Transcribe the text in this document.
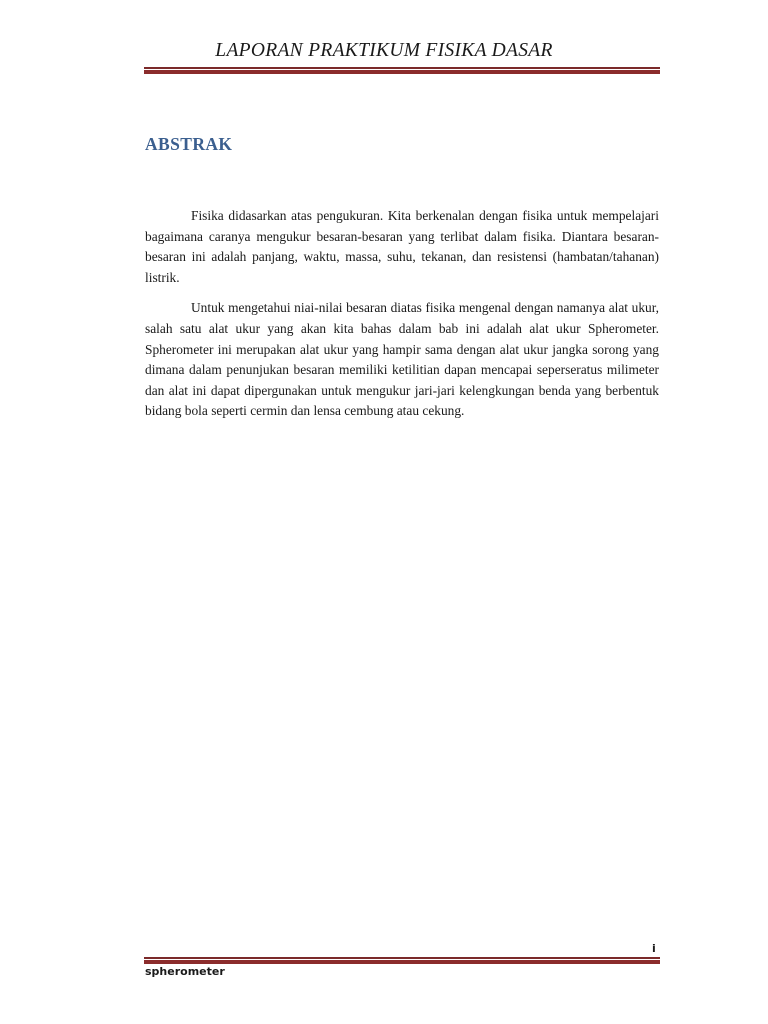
LAPORAN PRAKTIKUM FISIKA DASAR
ABSTRAK

Fisika didasarkan atas pengukuran. Kita berkenalan dengan fisika untuk mempelajari bagaimana caranya mengukur besaran-besaran yang terlibat dalam fisika. Diantara besaran-besaran ini adalah panjang, waktu, massa, suhu, tekanan, dan resistensi (hambatan/tahanan) listrik.

Untuk mengetahui niai-nilai besaran diatas fisika mengenal dengan namanya alat ukur, salah satu alat ukur yang akan kita bahas dalam bab ini adalah alat ukur Spherometer. Spherometer ini merupakan alat ukur yang hampir sama dengan alat ukur jangka sorong yang dimana dalam penunjukan besaran memiliki ketilitian dapan mencapai seperseratus milimeter dan alat ini dapat dipergunakan untuk mengukur jari-jari kelengkungan benda yang berbentuk bidang bola seperti cermin dan lensa cembung atau cekung.

i
spherometer
